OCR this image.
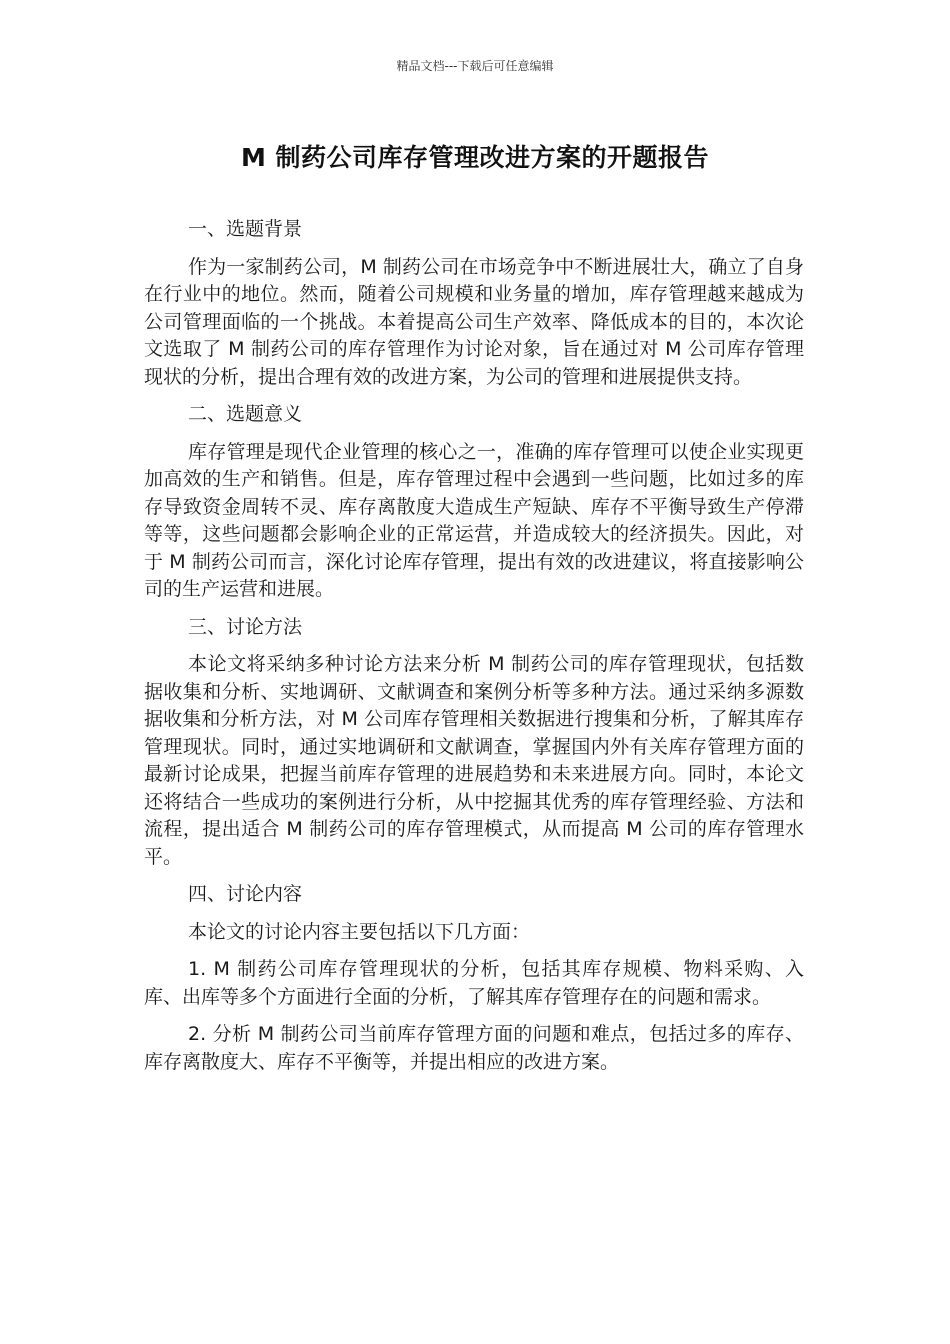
精品文档---下载后可任意编辑
M 制药公司库存管理改进方案的开题报告

一、选题背景

作为一家制药公司，M 制药公司在市场竞争中不断进展壮大，确立了自身在行业中的地位。然而，随着公司规模和业务量的增加，库存管理越来越成为公司管理面临的一个挑战。本着提高公司生产效率、降低成本的目的，本次论文选取了 M 制药公司的库存管理作为讨论对象，旨在通过对 M 公司库存管理现状的分析，提出合理有效的改进方案，为公司的管理和进展提供支持。

二、选题意义

库存管理是现代企业管理的核心之一，准确的库存管理可以使企业实现更加高效的生产和销售。但是，库存管理过程中会遇到一些问题，比如过多的库存导致资金周转不灵、库存离散度大造成生产短缺、库存不平衡导致生产停滞等等，这些问题都会影响企业的正常运营，并造成较大的经济损失。因此，对于 M 制药公司而言，深化讨论库存管理，提出有效的改进建议，将直接影响公司的生产运营和进展。

三、讨论方法

本论文将采纳多种讨论方法来分析 M 制药公司的库存管理现状，包括数据收集和分析、实地调研、文献调查和案例分析等多种方法。通过采纳多源数据收集和分析方法，对 M 公司库存管理相关数据进行搜集和分析，了解其库存管理现状。同时，通过实地调研和文献调查，掌握国内外有关库存管理方面的最新讨论成果，把握当前库存管理的进展趋势和未来进展方向。同时，本论文还将结合一些成功的案例进行分析，从中挖掘其优秀的库存管理经验、方法和流程，提出适合 M 制药公司的库存管理模式，从而提高 M 公司的库存管理水平。

四、讨论内容

本论文的讨论内容主要包括以下几方面：

1. M 制药公司库存管理现状的分析，包括其库存规模、物料采购、入库、出库等多个方面进行全面的分析，了解其库存管理存在的问题和需求。

2. 分析 M 制药公司当前库存管理方面的问题和难点，包括过多的库存、库存离散度大、库存不平衡等，并提出相应的改进方案。
